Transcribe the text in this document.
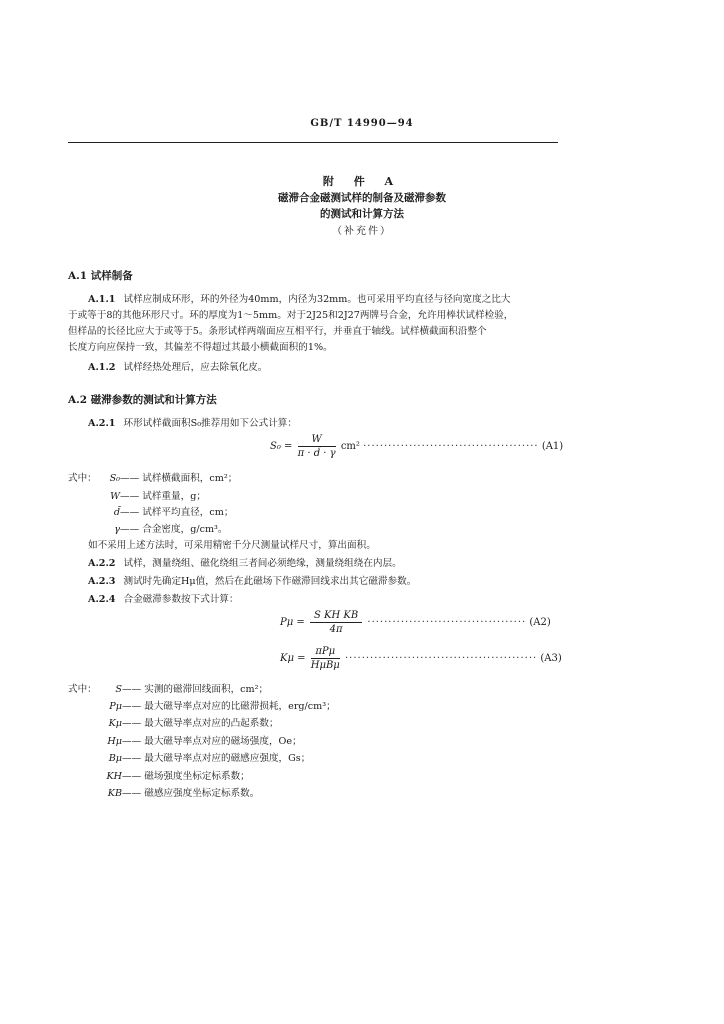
GB/T 14990—94
附 件 A
磁滞合金磁测试样的制备及磁滞参数
的测试和计算方法
（补充件）
A.1 试样制备
A.1.1 试样应制成环形，环的外径为40mm，内径为32mm。也可采用平均直径与径向宽度之比大
于或等于8的其他环形尺寸。环的厚度为1～5mm。对于2J25和2J27两牌号合金，允许用棒状试样检验，
但样品的长径比应大于或等于5。条形试样两端面应互相平行，并垂直于轴线。试样横截面积沿整个
长度方向应保持一致，其偏差不得超过其最小横截面积的1%。
A.1.2 试样经热处理后，应去除氧化皮。
A.2 磁滞参数的测试和计算方法
A.2.1 环形试样截面积S₀推荐用如下公式计算：
$S_0 = \frac{W}{\pi \cdot d̄ \cdot \gamma} cm^2$ ·········································· (A1)
式中： S₀—— 试样横截面积，cm²；
W—— 试样重量，g；
d̄—— 试样平均直径，cm；
γ—— 合金密度，g/cm³。
如不采用上述方法时，可采用精密千分尺测量试样尺寸，算出面积。
A.2.2 试样，测量绕组、磁化绕组三者间必须绝缘，测量绕组绕在内层。
A.2.3 测试时先确定Hμ值，然后在此磁场下作磁滞回线求出其它磁滞参数。
A.2.4 合金磁滞参数按下式计算：
$P\mu = \frac{\text{S KH KB}}{4\pi}$ ······································ (A2)
$K\mu = \frac{\text{πPμ}}{\text{HμBμ}}$ ·············································· (A3)
式中： S—— 实测的磁滞回线面积，cm²；
Pμ—— 最大磁导率点对应的比磁滞损耗，erg/cm³；
Kμ—— 最大磁导率点对应的凸起系数；
Hμ—— 最大磁导率点对应的磁场强度，Oe；
Bμ—— 最大磁导率点对应的磁感应强度，Gs；
KH—— 磁场强度坐标定标系数；
KB—— 磁感应强度坐标定标系数。
